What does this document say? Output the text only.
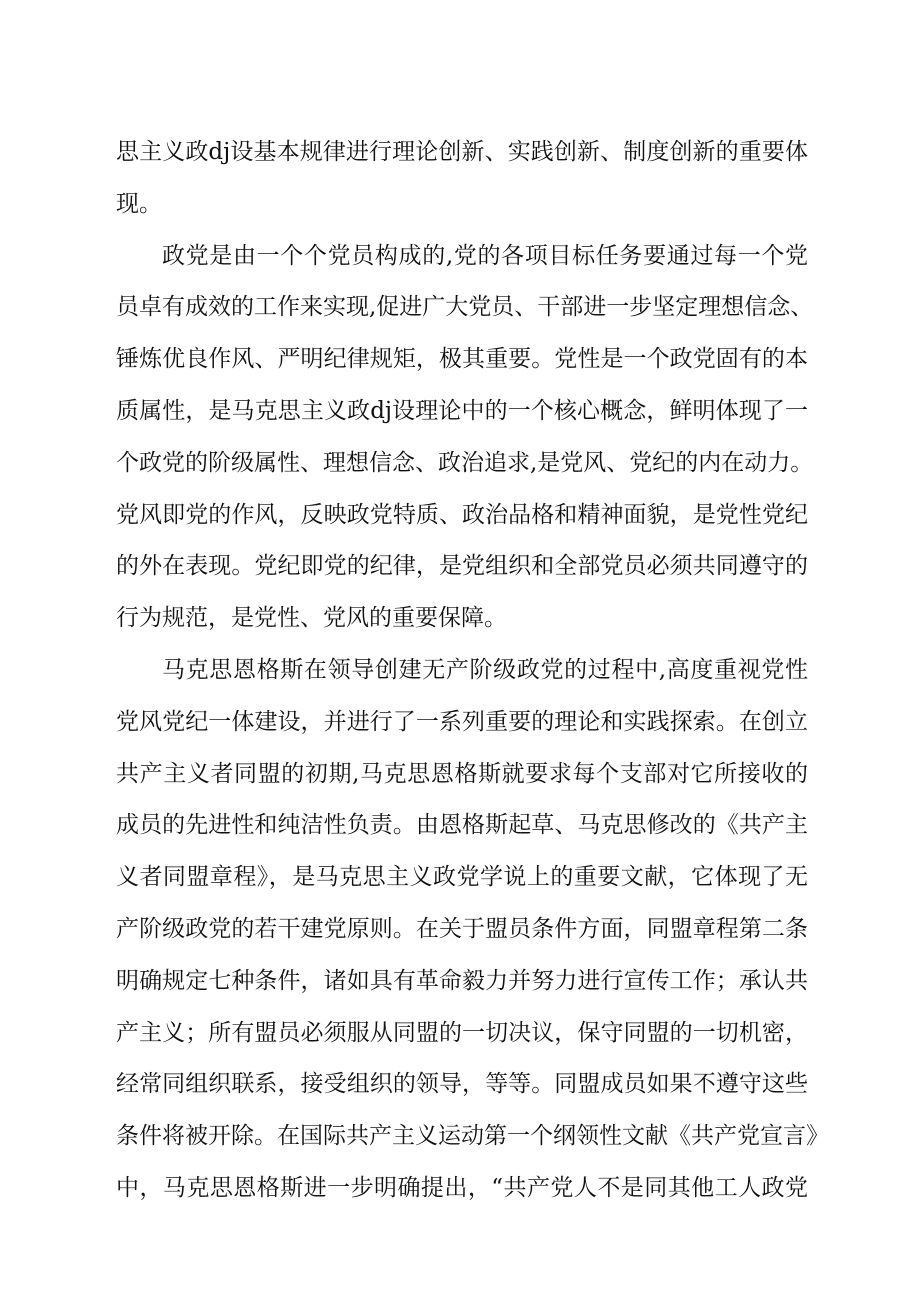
思主义政dj设基本规律进行理论创新、实践创新、制度创新的重要体
现。
政党是由一个个党员构成的,党的各项目标任务要通过每一个党
员卓有成效的工作来实现,促进广大党员、干部进一步坚定理想信念、
锤炼优良作风、严明纪律规矩，极其重要。党性是一个政党固有的本
质属性，是马克思主义政dj设理论中的一个核心概念，鲜明体现了一
个政党的阶级属性、理想信念、政治追求,是党风、党纪的内在动力。
党风即党的作风，反映政党特质、政治品格和精神面貌，是党性党纪
的外在表现。党纪即党的纪律，是党组织和全部党员必须共同遵守的
行为规范，是党性、党风的重要保障。
马克思恩格斯在领导创建无产阶级政党的过程中,高度重视党性
党风党纪一体建设，并进行了一系列重要的理论和实践探索。在创立
共产主义者同盟的初期,马克思恩格斯就要求每个支部对它所接收的
成员的先进性和纯洁性负责。由恩格斯起草、马克思修改的《共产主
义者同盟章程》，是马克思主义政党学说上的重要文献，它体现了无
产阶级政党的若干建党原则。在关于盟员条件方面，同盟章程第二条
明确规定七种条件，诸如具有革命毅力并努力进行宣传工作；承认共
产主义；所有盟员必须服从同盟的一切决议，保守同盟的一切机密，
经常同组织联系，接受组织的领导，等等。同盟成员如果不遵守这些
条件将被开除。在国际共产主义运动第一个纲领性文献《共产党宣言》
中，马克思恩格斯进一步明确提出，“共产党人不是同其他工人政党
